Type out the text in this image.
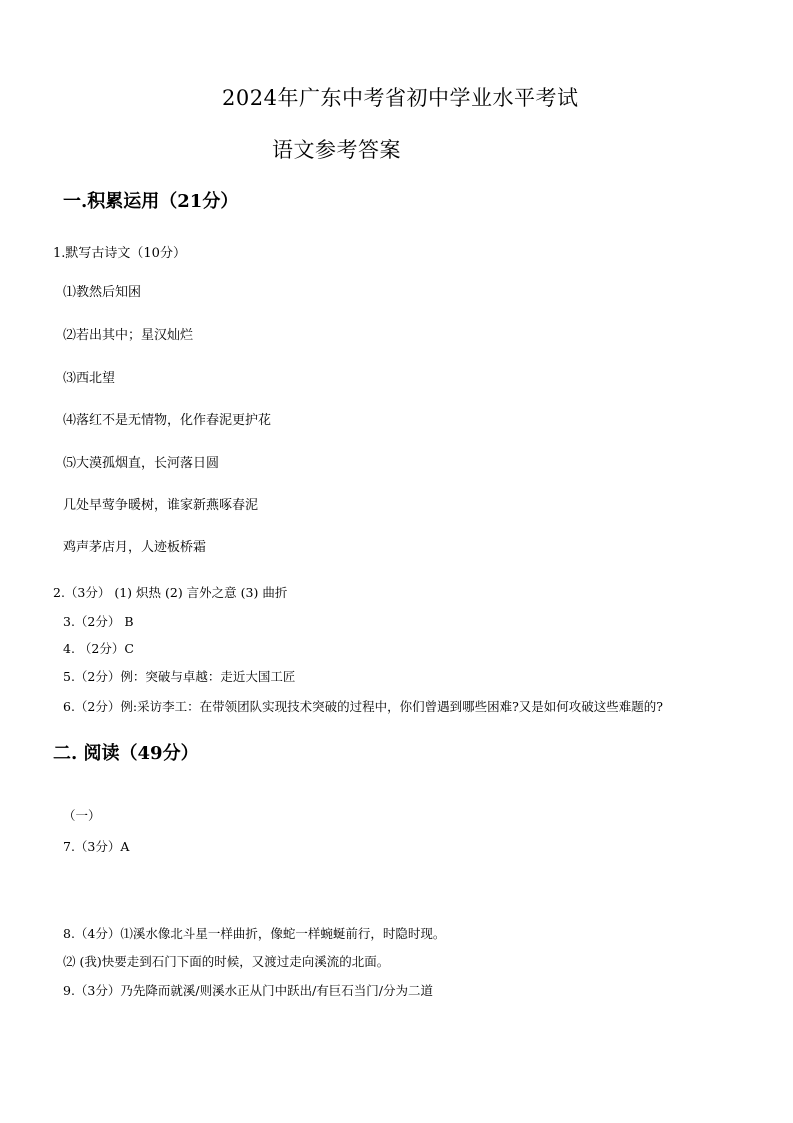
2024年广东中考省初中学业水平考试
语文参考答案
一.积累运用（21分）
1.默写古诗文（10分）
⑴教然后知困
⑵若出其中；星汉灿烂
⑶西北望
⑷落红不是无情物，化作春泥更护花
⑸大漠孤烟直，长河落日圆
几处早莺争暖树，谁家新燕啄春泥
鸡声茅店月，人迹板桥霜
2.（3分） (1) 炽热 (2) 言外之意 (3) 曲折
3.（2分） B
4. （2分）C
5.（2分）例：突破与卓越：走近大国工匠
6.（2分）例:采访李工：在带领团队实现技术突破的过程中，你们曾遇到哪些困难?又是如何攻破这些难题的?
二. 阅读（49分）
（一）
7.（3分）A
8.（4分）⑴溪水像北斗星一样曲折，像蛇一样蜿蜒前行，时隐时现。
⑵ (我)快要走到石门下面的时候，又渡过走向溪流的北面。
9.（3分）乃先降而就溪/则溪水正从门中跃出/有巨石当门/分为二道
